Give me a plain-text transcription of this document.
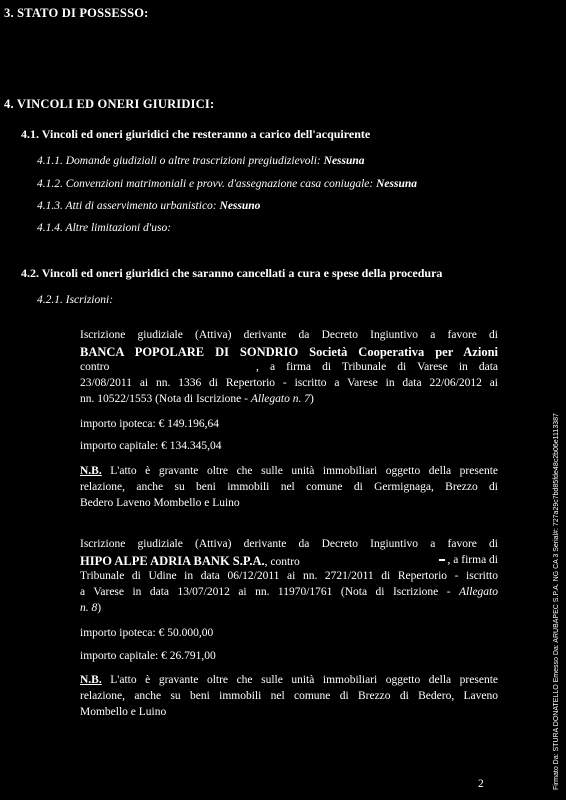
3. STATO DI POSSESSO:
4. VINCOLI ED ONERI GIURIDICI:
4.1. Vincoli ed oneri giuridici che resteranno a carico dell'acquirente
4.1.1. Domande giudiziali o altre trascrizioni pregiudizievoli: Nessuna
4.1.2. Convenzioni matrimoniali e provv. d'assegnazione casa coniugale: Nessuna
4.1.3. Atti di asservimento urbanistico: Nessuno
4.1.4. Altre limitazioni d'uso:
4.2. Vincoli ed oneri giuridici che saranno cancellati a cura e spese della procedura
4.2.1. Iscrizioni:
Iscrizione giudiziale (Attiva) derivante da Decreto Ingiuntivo a favore di
BANCA POPOLARE DI SONDRIO Società Cooperativa per Azioni
contro	, a firma di Tribunale di Varese in data
23/08/2011 ai nn. 1336 di Repertorio - iscritto a Varese in data 22/06/2012 ai
nn. 10522/1553 (Nota di Iscrizione - Allegato n. 7)
importo ipoteca: € 149.196,64
importo capitale: € 134.345,04
N.B. L'atto è gravante oltre che sulle unità immobiliari oggetto della presente
relazione, anche su beni immobili nel comune di Germignaga, Brezzo di
Bedero Laveno Mombello e Luino
Iscrizione giudiziale (Attiva) derivante da Decreto Ingiuntivo a favore di
HIPO ALPE ADRIA BANK S.P.A., contro	, a firma di
Tribunale di Udine in data 06/12/2011 ai nn. 2721/2011 di Repertorio - iscritto
a Varese in data 13/07/2012 ai nn. 11970/1761 (Nota di Iscrizione - Allegato
n. 8)
importo ipoteca: € 50.000,00
importo capitale: € 26.791,00
N.B. L'atto è gravante oltre che sulle unità immobiliari oggetto della presente
relazione, anche su beni immobili nel comune di Brezzo di Bedero, Laveno
Mombello e Luino
2	Firmato Da: STURA DONATELLO Emesso Da: ARUBAPEC S.P.A. NG CA 3 Serial#: 727a29c7bd85fde48c2b06e1113387
